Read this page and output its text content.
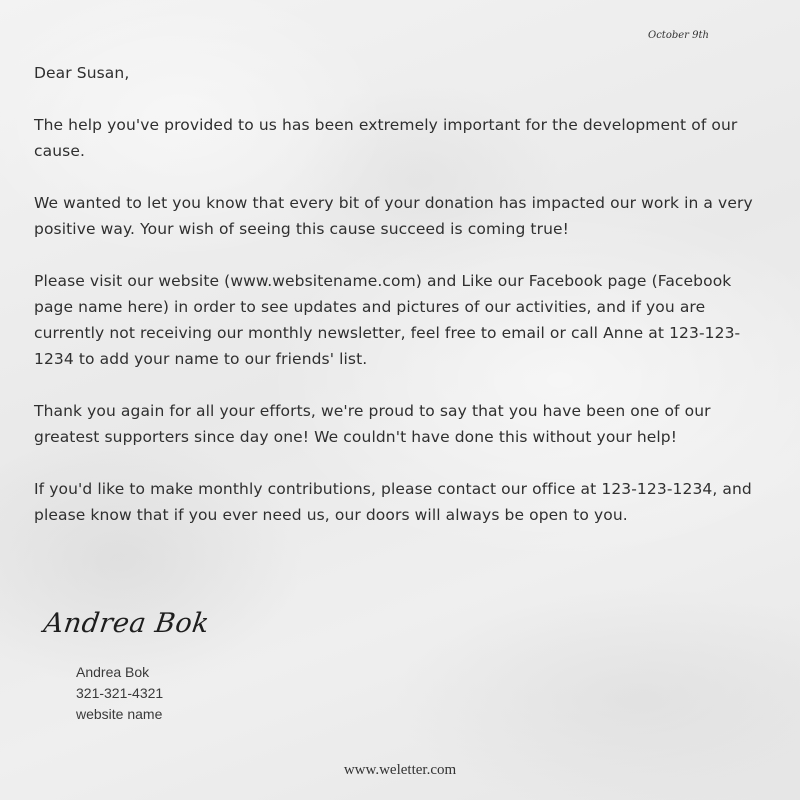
October 9th

Dear Susan,

The help you've provided to us has been extremely important for the development of our cause.

We wanted to let you know that every bit of your donation has impacted our work in a very positive way. Your wish of seeing this cause succeed is coming true!

Please visit our website (www.websitename.com) and Like our Facebook page (Facebook page name here) in order to see updates and pictures of our activities, and if you are currently not receiving our monthly newsletter, feel free to email or call Anne at 123-123-1234 to add your name to our friends' list.

Thank you again for all your efforts, we're proud to say that you have been one of our greatest supporters since day one! We couldn't have done this without your help!

If you'd like to make monthly contributions, please contact our office at 123-123-1234, and please know that if you ever need us, our doors will always be open to you.

Andrea Bok
Andrea Bok
321-321-4321
website name
www.weletter.com
